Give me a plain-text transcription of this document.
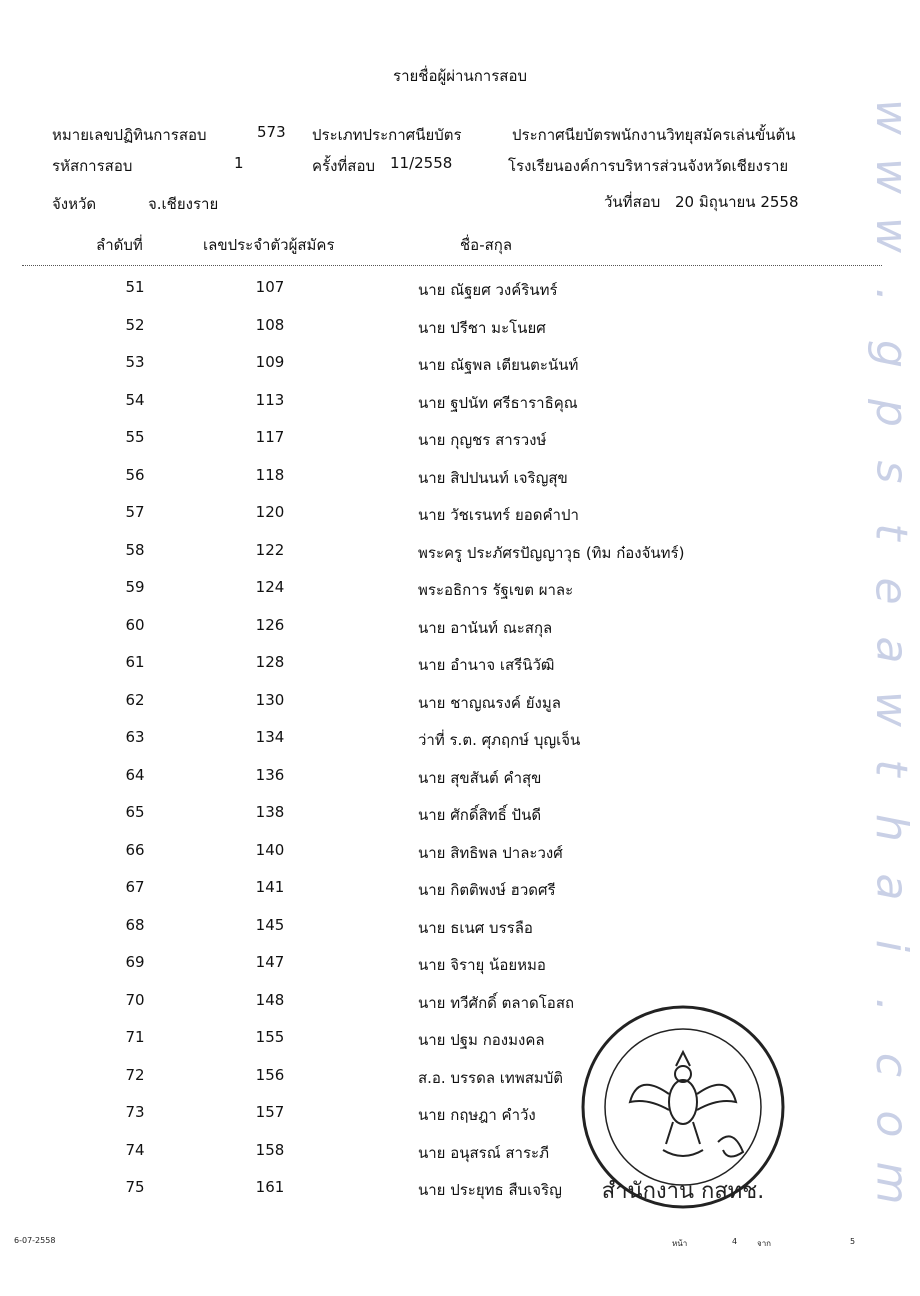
รายชื่อผู้ผ่านการสอบ
หมายเลขปฏิทินการสอบ	573 ประเภทประกาศนียบัตร	ประกาศนียบัตรพนักงานวิทยุสมัครเล่นขั้นต้น
รหัสการสอบ	1	ครั้งที่สอบ 11/2558	โรงเรียนองค์การบริหารส่วนจังหวัดเชียงราย
จังหวัด	จ.เชียงราย	วันที่สอบ 20 มิถุนายน 2558
ลำดับที่	เลขประจำตัวผู้สมัคร	ชื่อ-สกุล
51	107	นาย ณัฐยศ วงค์รินทร์
52	108	นาย ปรีชา มะโนยศ
53	109	นาย ณัฐพล เตียนตะนันท์
54	113	นาย ฐปนัท ศรีธาราธิคุณ
55	117	นาย กุญชร สารวงษ์
56	118	นาย สิปปนนท์ เจริญสุข
57	120	นาย วัชเรนทร์ ยอดคำปา
58	122	พระครู ประภัศรปัญญาวุธ (ทิม ก๋องจันทร์)
59	124	พระอธิการ รัฐเขต ผาละ
60	126	นาย อานันท์ ณะสกุล
61	128	นาย อำนาจ เสรีนิวัฒิ
62	130	นาย ชาญณรงค์ ยังมูล
63	134	ว่าที่ ร.ต. ศุภฤกษ์ บุญเจ็น
64	136	นาย สุขสันต์ คำสุข
65	138	นาย ศักดิ์สิทธิ์ ปันดี
66	140	นาย สิทธิพล ปาละวงศ์
67	141	นาย กิตติพงษ์ ฮวดศรี
68	145	นาย ธเนศ บรรลือ
69	147	นาย จิรายุ น้อยหมอ
70	148	นาย ทวีศักดิ์ ตลาดโอสถ
71	155	นาย ปฐม กองมงคล
72	156	ส.อ. บรรดล เทพสมบัติ
73	157	นาย กฤษฎา คำวัง
74	158	นาย อนุสรณ์ สาระภี
75	161	นาย ประยุทธ สืบเจริญ
w
w
w
.
g
p
s
t
e
a
w
t
h
a
i
.
c
o
m
สำนักงาน กสทช.
6-07-2558	หน้า	4 จาก	5
